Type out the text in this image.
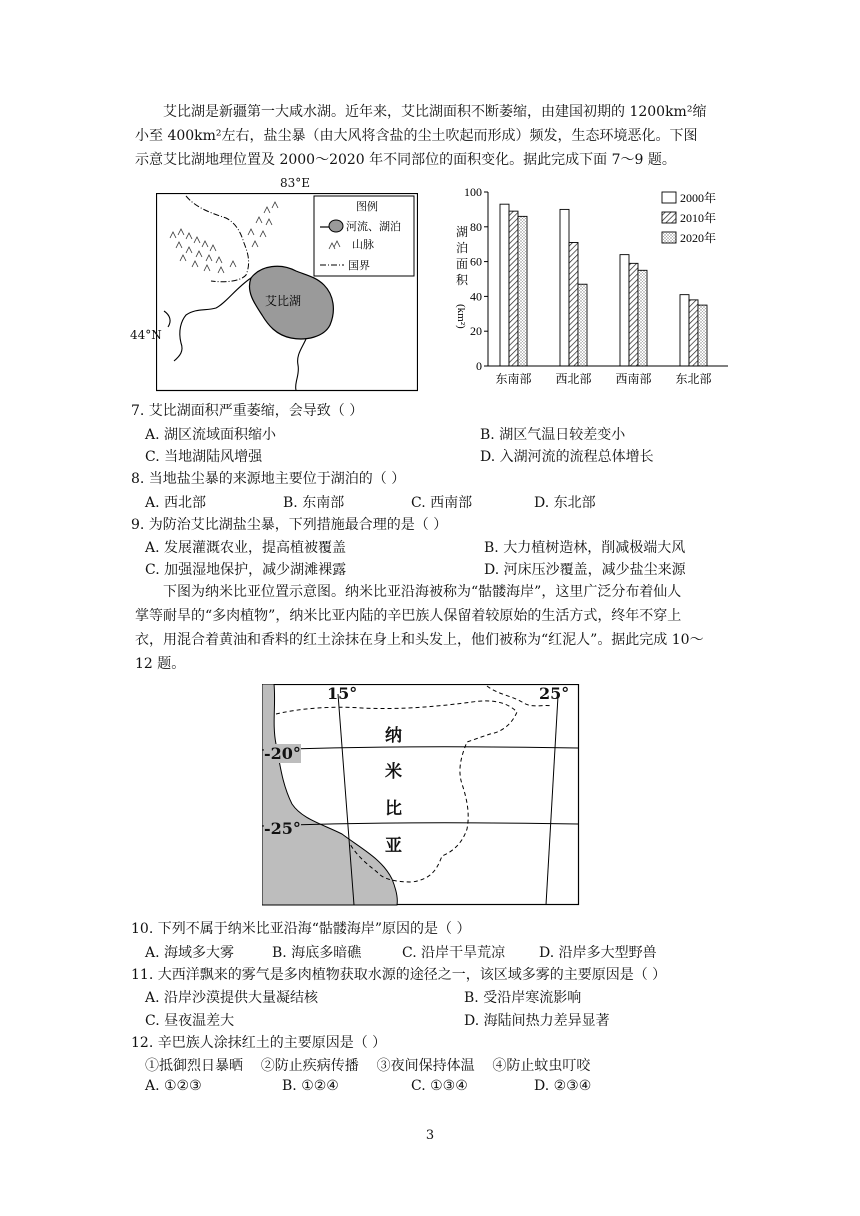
艾比湖是新疆第一大咸水湖。近年来，艾比湖面积不断萎缩，由建国初期的 1200km²缩

小至 400km²左右，盐尘暴（由大风将含盐的尘土吹起而形成）频发，生态环境恶化。下图

示意艾比湖地理位置及 2000～2020 年不同部位的面积变化。据此完成下面 7～9 题。

艾比湖
图例
河流、湖泊
山脉
国界
83°E
44°N
0
20
40
60
80
100
湖
泊
面
积
(km²)
东南部 西北部 西南部 东北部
2000年
2010年
2020年
7. 艾比湖面积严重萎缩，会导致（ ）
A. 湖区流域面积缩小	B. 湖区气温日较差变小
C. 当地湖陆风增强	D. 入湖河流的流程总体增长
8. 当地盐尘暴的来源地主要位于湖泊的（ ）
A. 西北部	B. 东南部	C. 西南部	D. 东北部
9. 为防治艾比湖盐尘暴，下列措施最合理的是（ ）
A. 发展灌溉农业，提高植被覆盖	B. 大力植树造林，削减极端大风
C. 加强湿地保护，减少湖滩裸露	D. 河床压沙覆盖，减少盐尘来源

下图为纳米比亚位置示意图。纳米比亚沿海被称为“骷髅海岸”，这里广泛分布着仙人

掌等耐旱的“多肉植物”，纳米比亚内陆的辛巴族人保留着较原始的生活方式，终年不穿上

衣，用混合着黄油和香料的红土涂抹在身上和头发上，他们被称为“红泥人”。据此完成 10～

12 题。

15°	25°
-20°
-25°
纳
米
比
亚
10. 下列不属于纳米比亚沿海“骷髅海岸”原因的是（ ）
A. 海域多大雾	B. 海底多暗礁	C. 沿岸干旱荒凉 D. 沿岸多大型野兽
11. 大西洋飘来的雾气是多肉植物获取水源的途径之一，该区域多雾的主要原因是（ ）
A. 沿岸沙漠提供大量凝结核	B. 受沿岸寒流影响
C. 昼夜温差大	D. 海陆间热力差异显著
12. 辛巴族人涂抹红土的主要原因是（ ）
①抵御烈日暴晒    ②防止疾病传播    ③夜间保持体温    ④防止蚊虫叮咬
A. ①②③	B. ①②④	C. ①③④	D. ②③④
3
